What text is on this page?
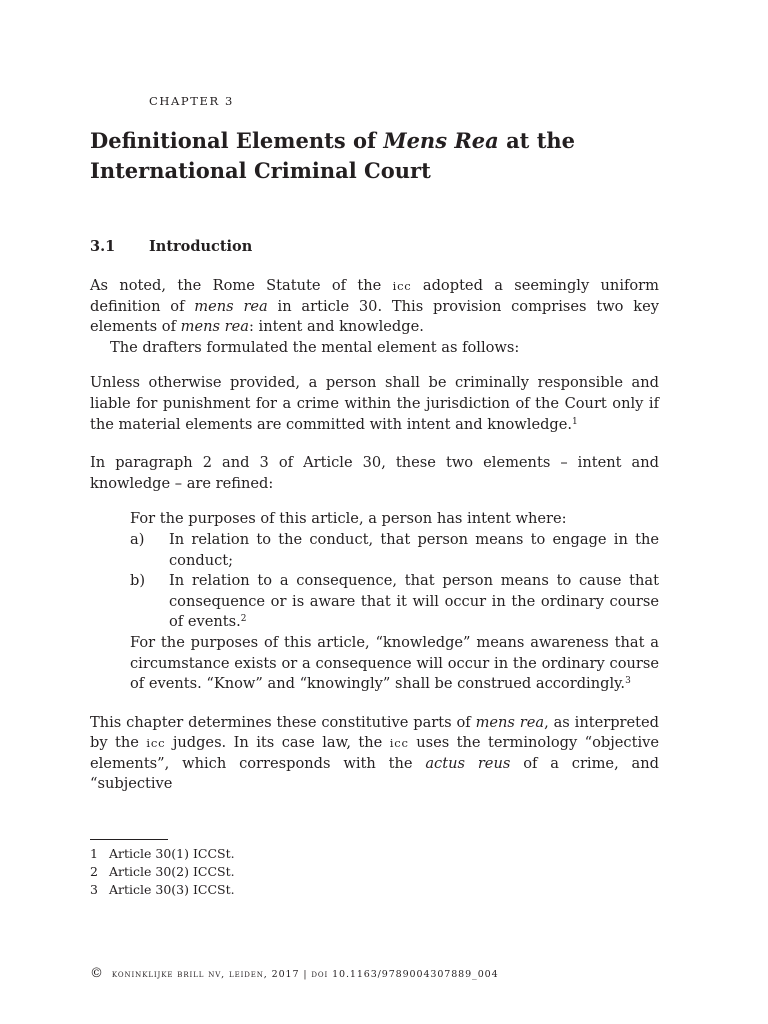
CHAPTER 3
Definitional Elements of Mens Rea at the International Criminal Court
3.1 Introduction

As noted, the Rome Statute of the icc adopted a seemingly uniform definition of mens rea in article 30. This provision comprises two key elements of mens rea: intent and knowledge.

The drafters formulated the mental element as follows:

Unless otherwise provided, a person shall be criminally responsible and liable for punishment for a crime within the jurisdiction of the Court only if the material elements are committed with intent and knowledge.$^1$

In paragraph 2 and 3 of Article 30, these two elements – intent and knowledge – are refined:

For the purposes of this article, a person has intent where:

a)	In relation to the conduct, that person means to engage in the conduct;
b)	In relation to a consequence, that person means to cause that consequence or is aware that it will occur in the ordinary course of events.$^2$

For the purposes of this article, “knowledge” means awareness that a circumstance exists or a consequence will occur in the ordinary course of events. “Know” and “knowingly” shall be construed accordingly.$^3$

This chapter determines these constitutive parts of mens rea, as interpreted by the icc judges. In its case law, the icc uses the terminology “objective elements”, which corresponds with the actus reus of a crime, and “subjective

1 Article 30(1) ICCSt.
2 Article 30(2) ICCSt.
3 Article 30(3) ICCSt.
© koninklijke brill nv, leiden, 2017 | doi 10.1163/9789004307889_004
